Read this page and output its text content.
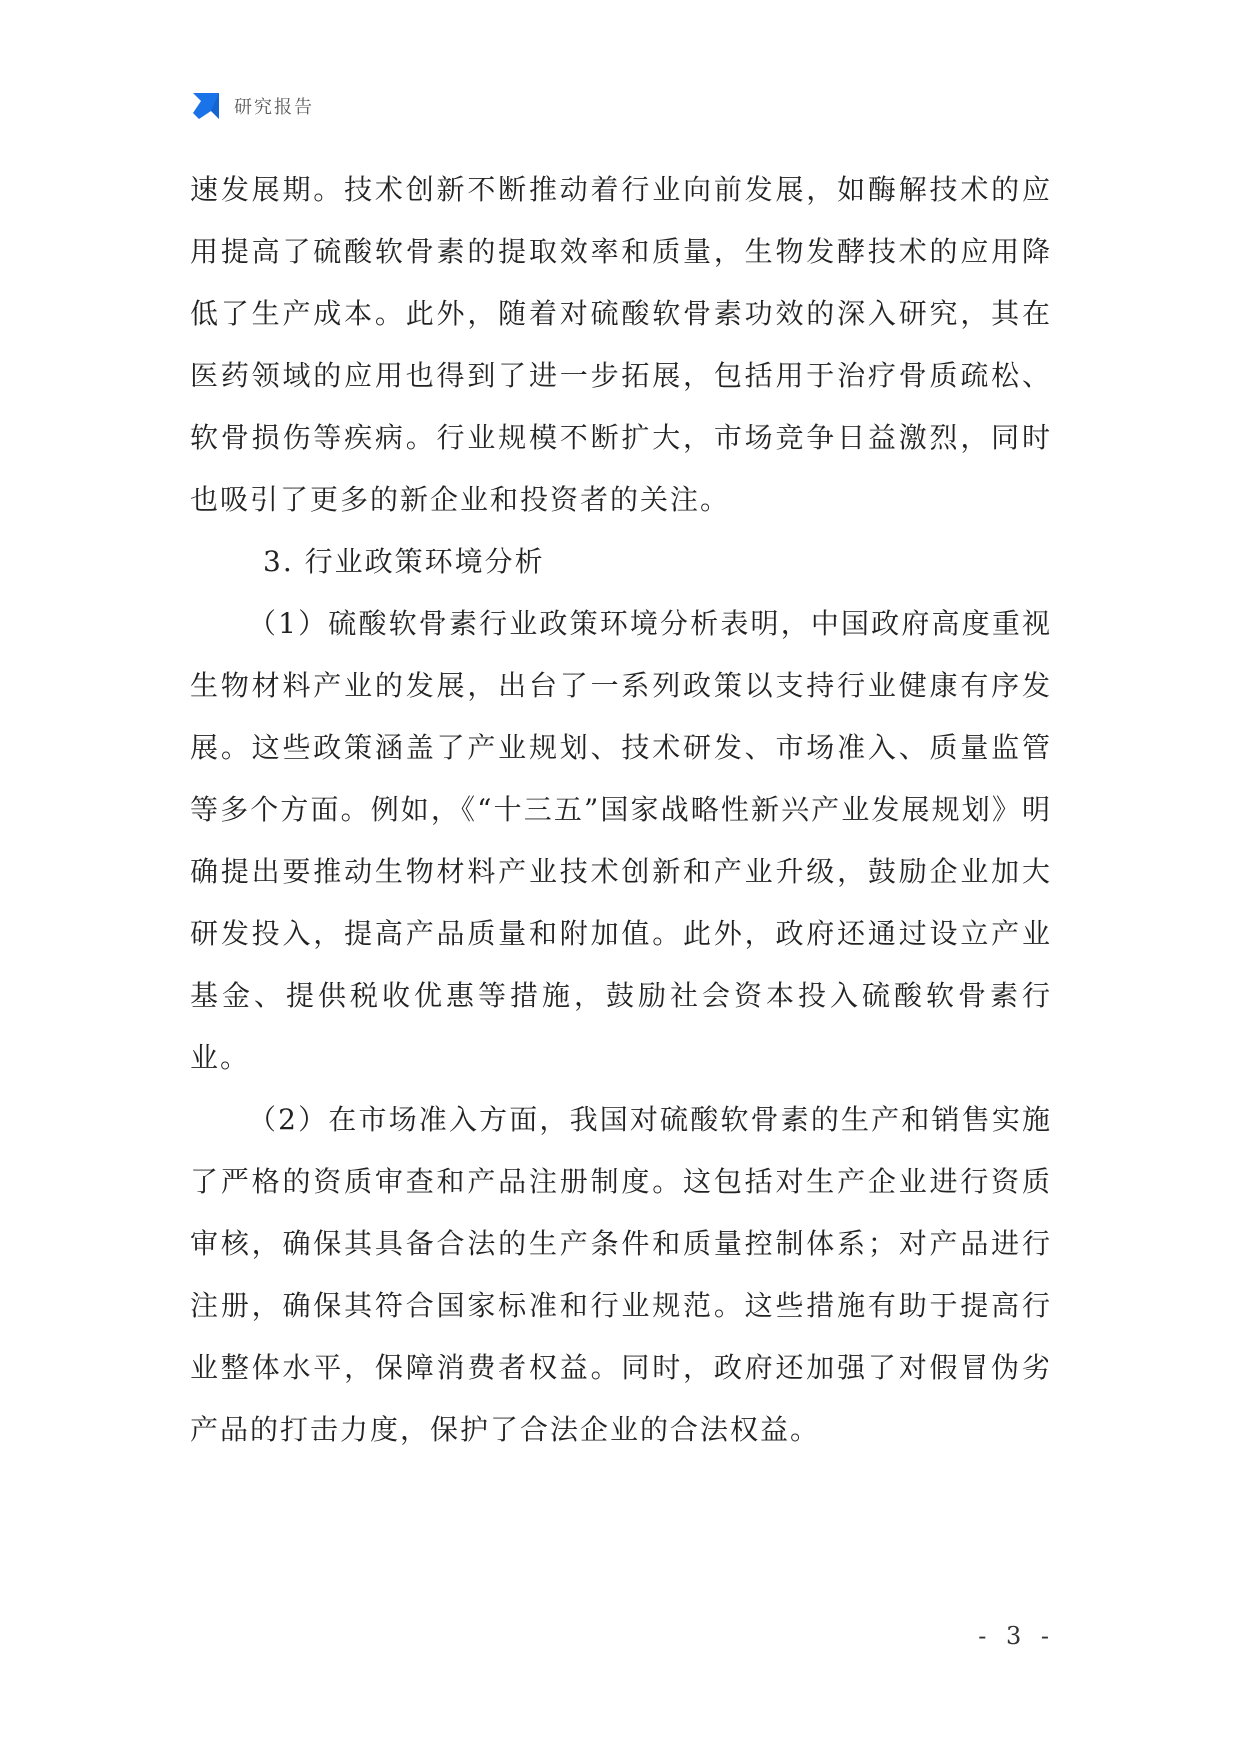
研究报告

速发展期。技术创新不断推动着行业向前发展，如酶解技术的应用提高了硫酸软骨素的提取效率和质量，生物发酵技术的应用降低了生产成本。此外，随着对硫酸软骨素功效的深入研究，其在医药领域的应用也得到了进一步拓展，包括用于治疗骨质疏松、软骨损伤等疾病。行业规模不断扩大，市场竞争日益激烈，同时也吸引了更多的新企业和投资者的关注。

3. 行业政策环境分析

（1）硫酸软骨素行业政策环境分析表明，中国政府高度重视生物材料产业的发展，出台了一系列政策以支持行业健康有序发展。这些政策涵盖了产业规划、技术研发、市场准入、质量监管等多个方面。例如，《“十三五”国家战略性新兴产业发展规划》明确提出要推动生物材料产业技术创新和产业升级，鼓励企业加大研发投入，提高产品质量和附加值。此外，政府还通过设立产业基金、提供税收优惠等措施，鼓励社会资本投入硫酸软骨素行业。

（2）在市场准入方面，我国对硫酸软骨素的生产和销售实施了严格的资质审查和产品注册制度。这包括对生产企业进行资质审核，确保其具备合法的生产条件和质量控制体系；对产品进行注册，确保其符合国家标准和行业规范。这些措施有助于提高行业整体水平，保障消费者权益。同时，政府还加强了对假冒伪劣产品的打击力度，保护了合法企业的合法权益。

- 3 -
